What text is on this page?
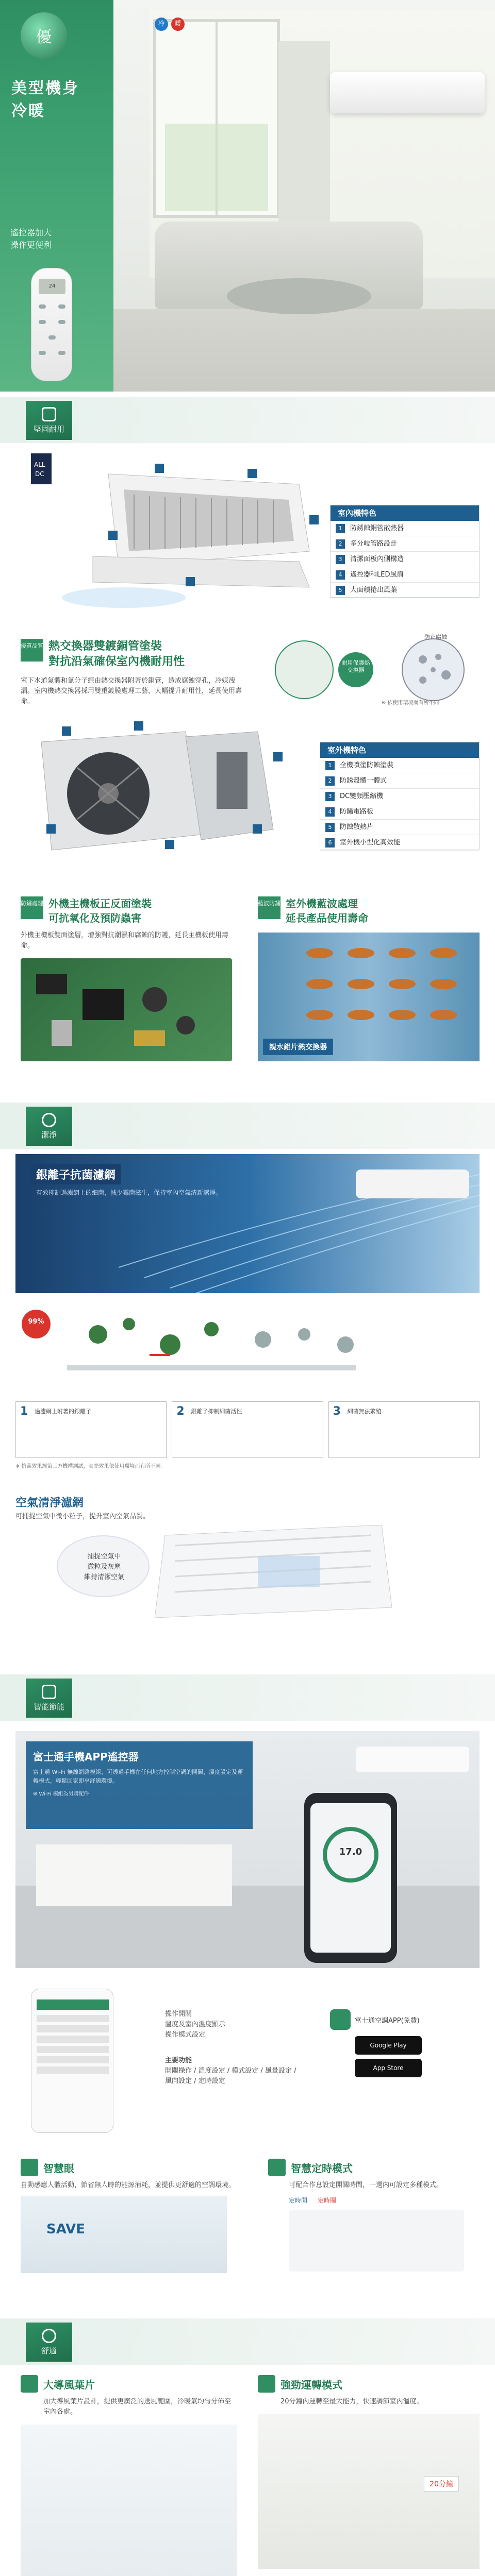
優
美型機身
冷暖
遙控器加大
操作更便利
24
冷	暖
堅固耐用
ALL
DC
室內機特色
1	防銹蝕銅管散熱器
2	多分岐管路設計
3	清潔面板內側構造
4	遙控器和LED風扇
5	大面積捲出風葉
優質品質 熱交換器雙鍍銅管塗裝
對抗沿氣確保室內機耐用性
室下水道氣體和氯分子經由熱交換器附著於銅管，造成腐蝕穿孔，冷媒洩漏。室內機熱交換器採用雙重鍍膜處理工藝，大幅提升耐用性，延長使用壽命。
耐用保護熱交換器
防止腐蝕
※ 依使用環境而有所不同
室外機特色
1	全機噴塗防蝕塗裝
2	防銹殼體一體式
3	DC變頻壓縮機
4	防鏽電路板
5	防蝕散熱片
6	室外機小型化高效能
防鏽處理 外機主機板正反面塗裝
可抗氧化及預防蟲害
外機主機板雙面塗層，增強對抗潮濕和腐蝕的防護，延長主機板使用壽命。
藍波防鏽 室外機藍波處理
延長產品使用壽命
親水鋁片熱交換器
潔淨
銀離子抗菌濾網
有效抑制過濾網上的細菌，減少霉菌滋生，保持室內空氣清新潔淨。
99%
1 過濾網上附著的銀離子	2 銀離子抑制細菌活性	3 細菌無法繁殖
※ 抗菌效果經第三方機構測試，實際效果依使用環境而有所不同。
空氣清淨濾網
可捕捉空氣中微小粒子，提升室內空氣品質。
捕捉空氣中
微粒及灰塵
維持清潔空氣
智能節能
富士通手機APP遙控器
富士通 Wi-Fi 無線網路模組，可透過手機在任何地方控制空調的開關，溫度設定及運轉模式，輕鬆回家即享舒適環境。
※ Wi-Fi 模組為另購配件
17.0
操作開關
溫度及室內溫度顯示
操作模式設定
主要功能
開關操作 / 溫度設定 / 模式設定 / 風量設定 / 風向設定 / 定時設定
富士通空調APP(免費)
Google Play
App Store
智慧眼
自動感應人體活動，節省無人時的能源消耗，並提供更舒適的空調環境。
SAVE
智慧定時模式
可配合作息設定開關時間，一週內可設定多種模式。
定時開 定時關
舒適
大導風葉片
加大導風葉片設計，提供更廣泛的送風範圍，冷暖氣均勻分佈至室內各處。
強勁運轉模式
20分鐘內運轉至最大能力，快速調節室內溫度。
20分鐘
